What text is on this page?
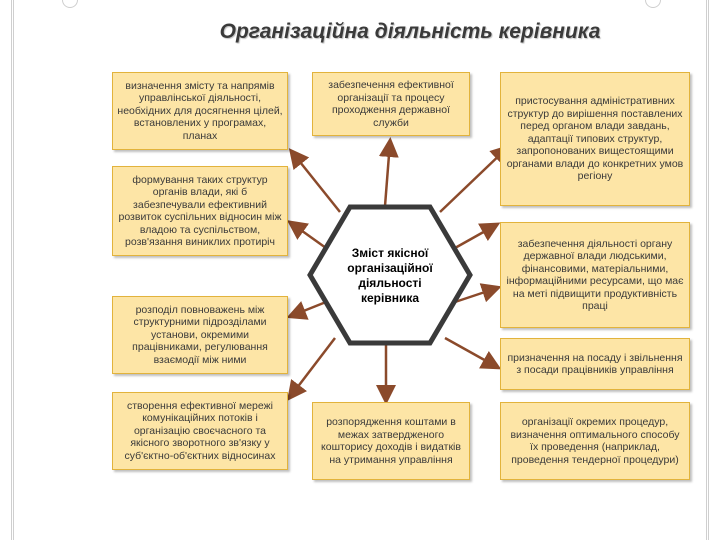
Організаційна діяльність керівника
Зміст якісної організаційної діяльності керівника
визначення змісту та напрямів управлінської діяльності, необхідних для досягнення цілей, встановлених у програмах, планах
формування таких структур органів влади, які б забезпечували ефективний розвиток суспільних відносин між владою та суспільством, розв'язання виниклих протиріч
розподіл повноважень між структурними підрозділами установи, окремими працівниками, регулювання взаємодії між ними
створення ефективної мережі комунікаційних потоків і організацію своєчасного та якісного зворотного зв'язку у суб'єктно-об'єктних відносинах
забезпечення ефективної організації та процесу проходження державної служби
розпорядження коштами в межах затвердженого кошторису доходів і видатків на утримання управління
пристосування адміністративних структур до вирішення поставлених перед органом влади завдань, адаптації типових структур, запропонованих вищестоящими органами влади до конкретних умов регіону
забезпечення діяльності органу державної влади людськими, фінансовими, матеріальними, інформаційними ресурсами, що має на меті підвищити продуктивність праці
призначення на посаду і звільнення з посади працівників управління
організації окремих процедур, визначення оптимального способу їх проведення (наприклад, проведення тендерної процедури)
